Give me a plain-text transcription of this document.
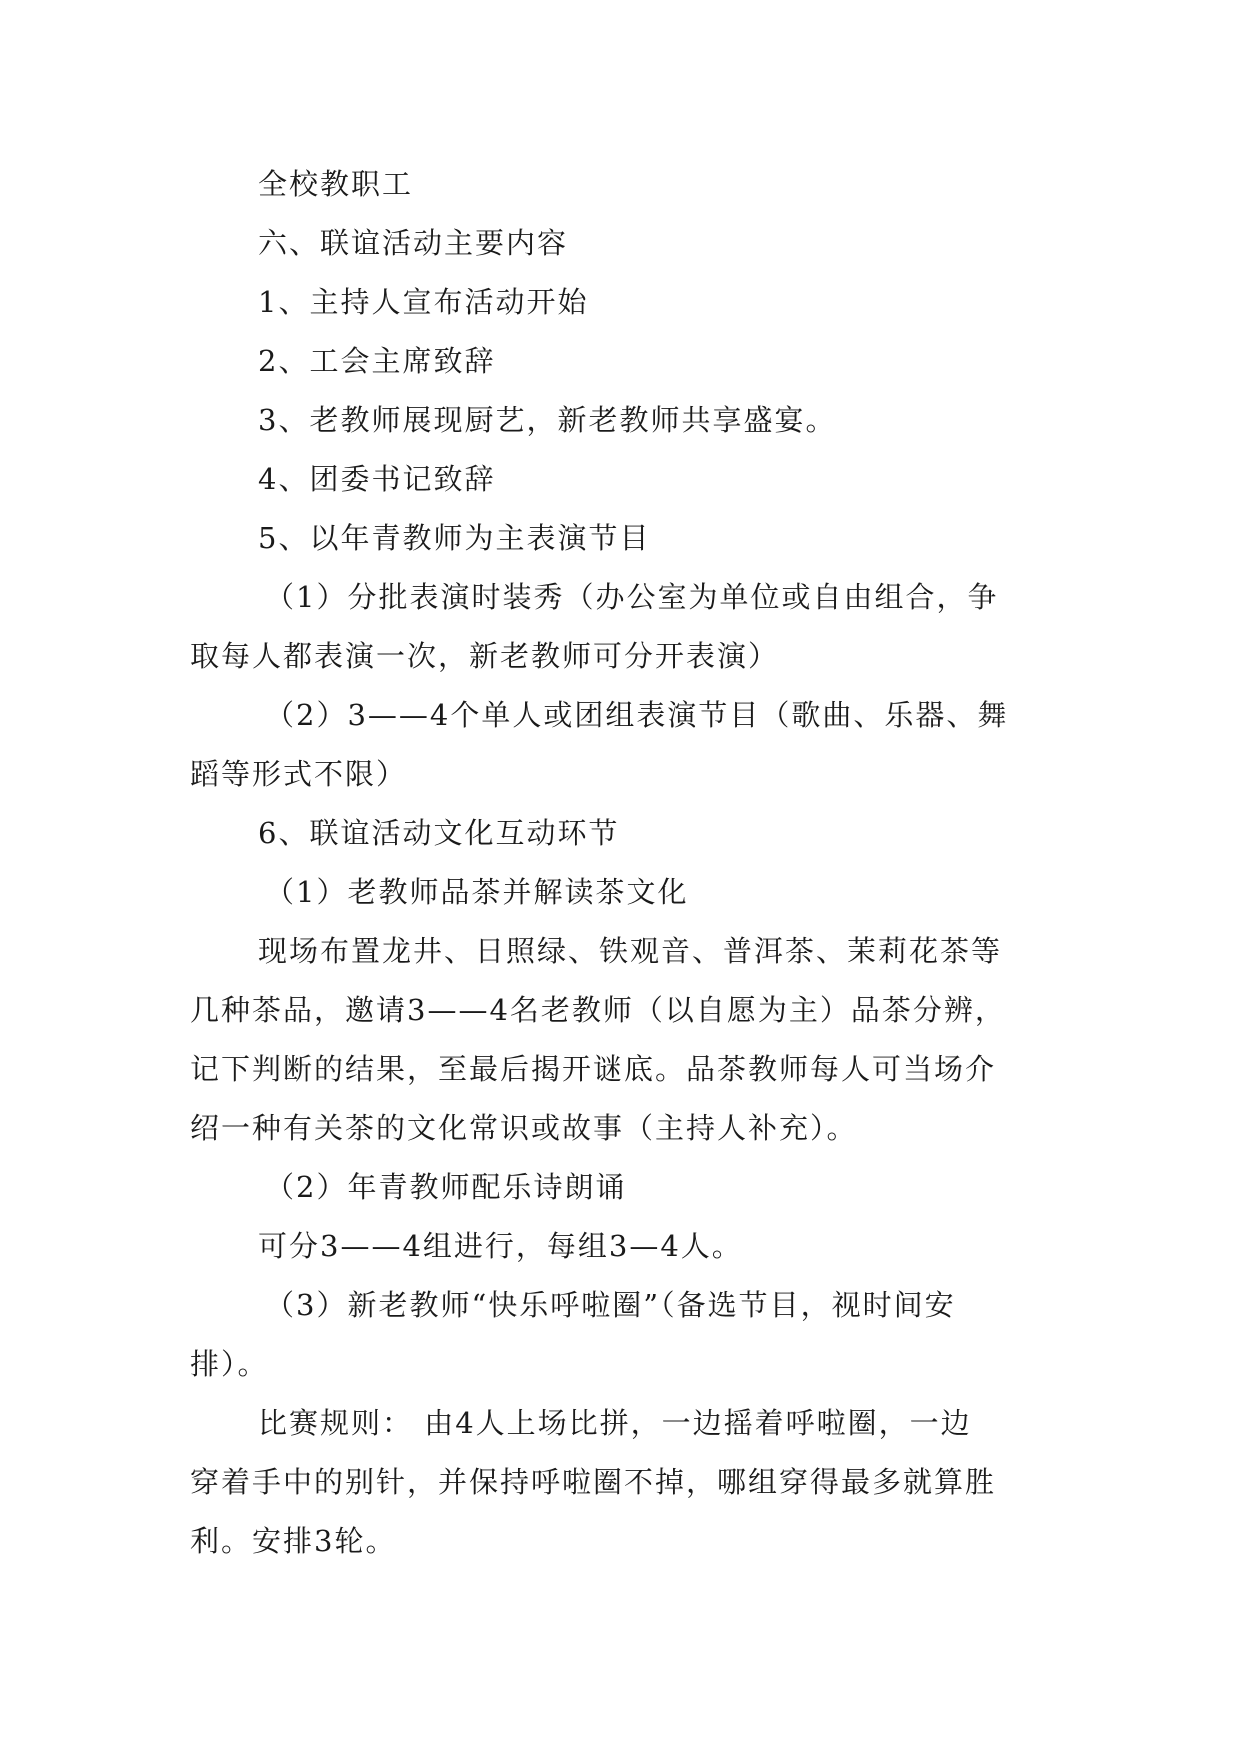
全校教职工
六、联谊活动主要内容
1、主持人宣布活动开始
2、工会主席致辞
3、老教师展现厨艺，新老教师共享盛宴。
4、团委书记致辞
5、以年青教师为主表演节目
（1）分批表演时装秀（办公室为单位或自由组合，争
取每人都表演一次，新老教师可分开表演）
（2）3——4个单人或团组表演节目（歌曲、乐器、舞
蹈等形式不限）
6、联谊活动文化互动环节
（1）老教师品茶并解读茶文化
现场布置龙井、日照绿、铁观音、普洱茶、茉莉花茶等
几种茶品，邀请3——4名老教师（以自愿为主）品茶分辨，
记下判断的结果，至最后揭开谜底。品茶教师每人可当场介
绍一种有关茶的文化常识或故事（主持人补充）。
（2）年青教师配乐诗朗诵
可分3——4组进行，每组3—4人。
（3）新老教师“快乐呼啦圈”（备选节目，视时间安
排）。
比赛规则： 由4人上场比拼，一边摇着呼啦圈，一边
穿着手中的别针，并保持呼啦圈不掉，哪组穿得最多就算胜
利。安排3轮。
